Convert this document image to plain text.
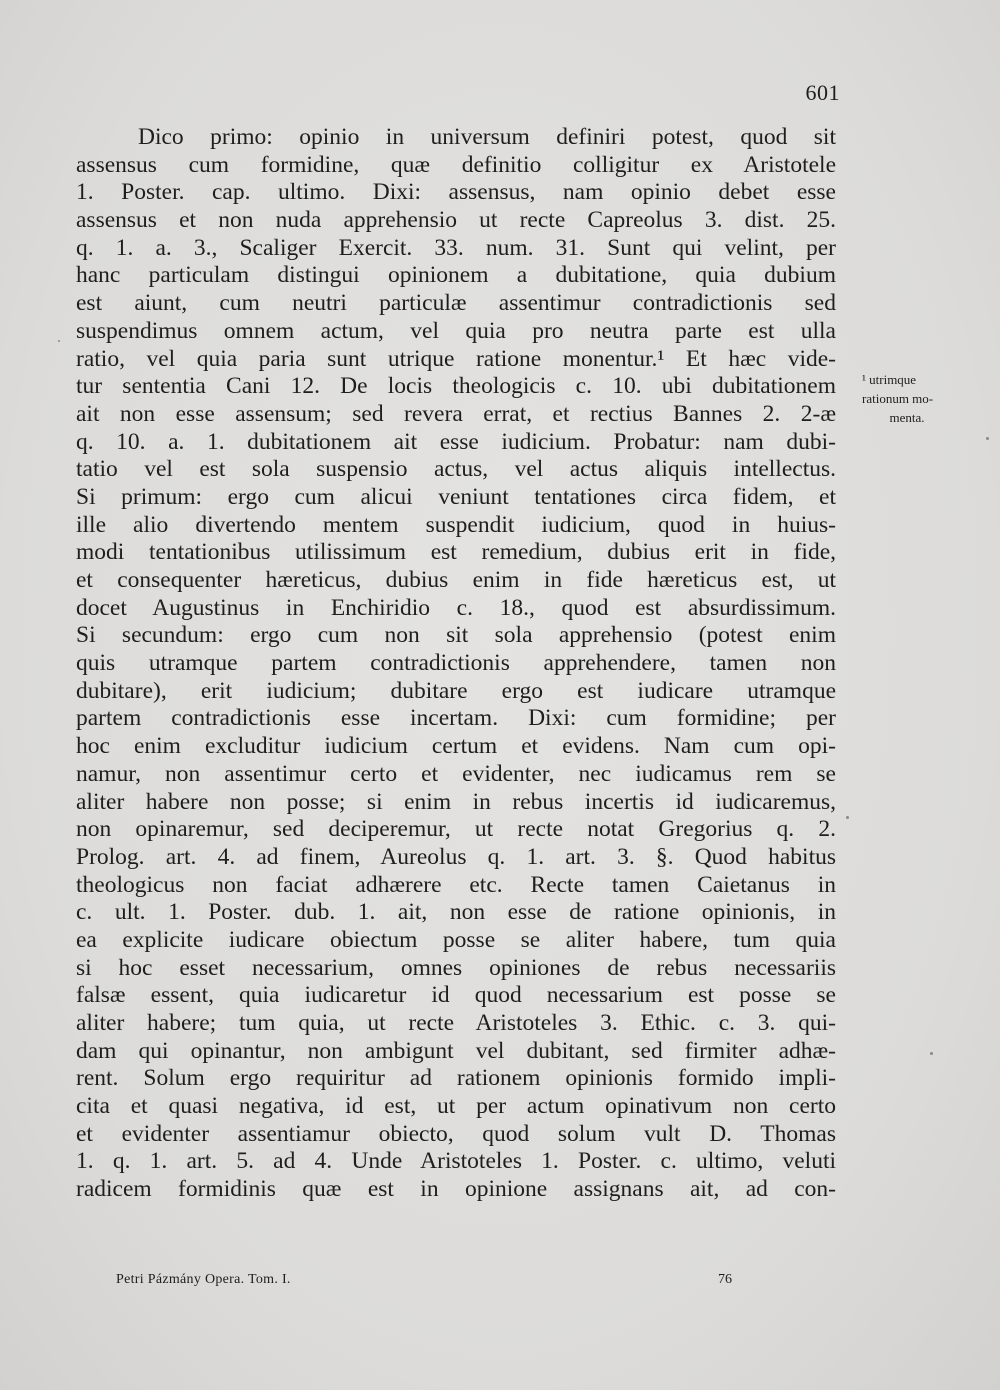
601
Dico primo: opinio in universum definiri potest, quod sit
assensus cum formidine, quæ definitio colligitur ex Aristotele
1. Poster. cap. ultimo. Dixi: assensus, nam opinio debet esse
assensus et non nuda apprehensio ut recte Capreolus 3. dist. 25.
q. 1. a. 3., Scaliger Exercit. 33. num. 31. Sunt qui velint, per
hanc particulam distingui opinionem a dubitatione, quia dubium
est aiunt, cum neutri particulæ assentimur contradictionis sed
suspendimus omnem actum, vel quia pro neutra parte est ulla
ratio, vel quia paria sunt utrique ratione monentur.¹ Et hæc vide-
tur sententia Cani 12. De locis theologicis c. 10. ubi dubitationem
ait non esse assensum; sed revera errat, et rectius Bannes 2. 2-æ
q. 10. a. 1. dubitationem ait esse iudicium. Probatur: nam dubi-
tatio vel est sola suspensio actus, vel actus aliquis intellectus.
Si primum: ergo cum alicui veniunt tentationes circa fidem, et
ille alio divertendo mentem suspendit iudicium, quod in huius-
modi tentationibus utilissimum est remedium, dubius erit in fide,
et consequenter hæreticus, dubius enim in fide hæreticus est, ut
docet Augustinus in Enchiridio c. 18., quod est absurdissimum.
Si secundum: ergo cum non sit sola apprehensio (potest enim
quis utramque partem contradictionis apprehendere, tamen non
dubitare), erit iudicium; dubitare ergo est iudicare utramque
partem contradictionis esse incertam. Dixi: cum formidine; per
hoc enim excluditur iudicium certum et evidens. Nam cum opi-
namur, non assentimur certo et evidenter, nec iudicamus rem se
aliter habere non posse; si enim in rebus incertis id iudicaremus,
non opinaremur, sed deciperemur, ut recte notat Gregorius q. 2.
Prolog. art. 4. ad finem, Aureolus q. 1. art. 3. §. Quod habitus
theologicus non faciat adhærere etc. Recte tamen Caietanus in
c. ult. 1. Poster. dub. 1. ait, non esse de ratione opinionis, in
ea explicite iudicare obiectum posse se aliter habere, tum quia
si hoc esset necessarium, omnes opiniones de rebus necessariis
falsæ essent, quia iudicaretur id quod necessarium est posse se
aliter habere; tum quia, ut recte Aristoteles 3. Ethic. c. 3. qui-
dam qui opinantur, non ambigunt vel dubitant, sed firmiter adhæ-
rent. Solum ergo requiritur ad rationem opinionis formido impli-
cita et quasi negativa, id est, ut per actum opinativum non certo
et evidenter assentiamur obiecto, quod solum vult D. Thomas
1. q. 1. art. 5. ad 4. Unde Aristoteles 1. Poster. c. ultimo, veluti
radicem formidinis quæ est in opinione assignans ait, ad con-
¹ utrimque
rationum mo-
menta.
Petri Pázmány Opera. Tom. I.	76
